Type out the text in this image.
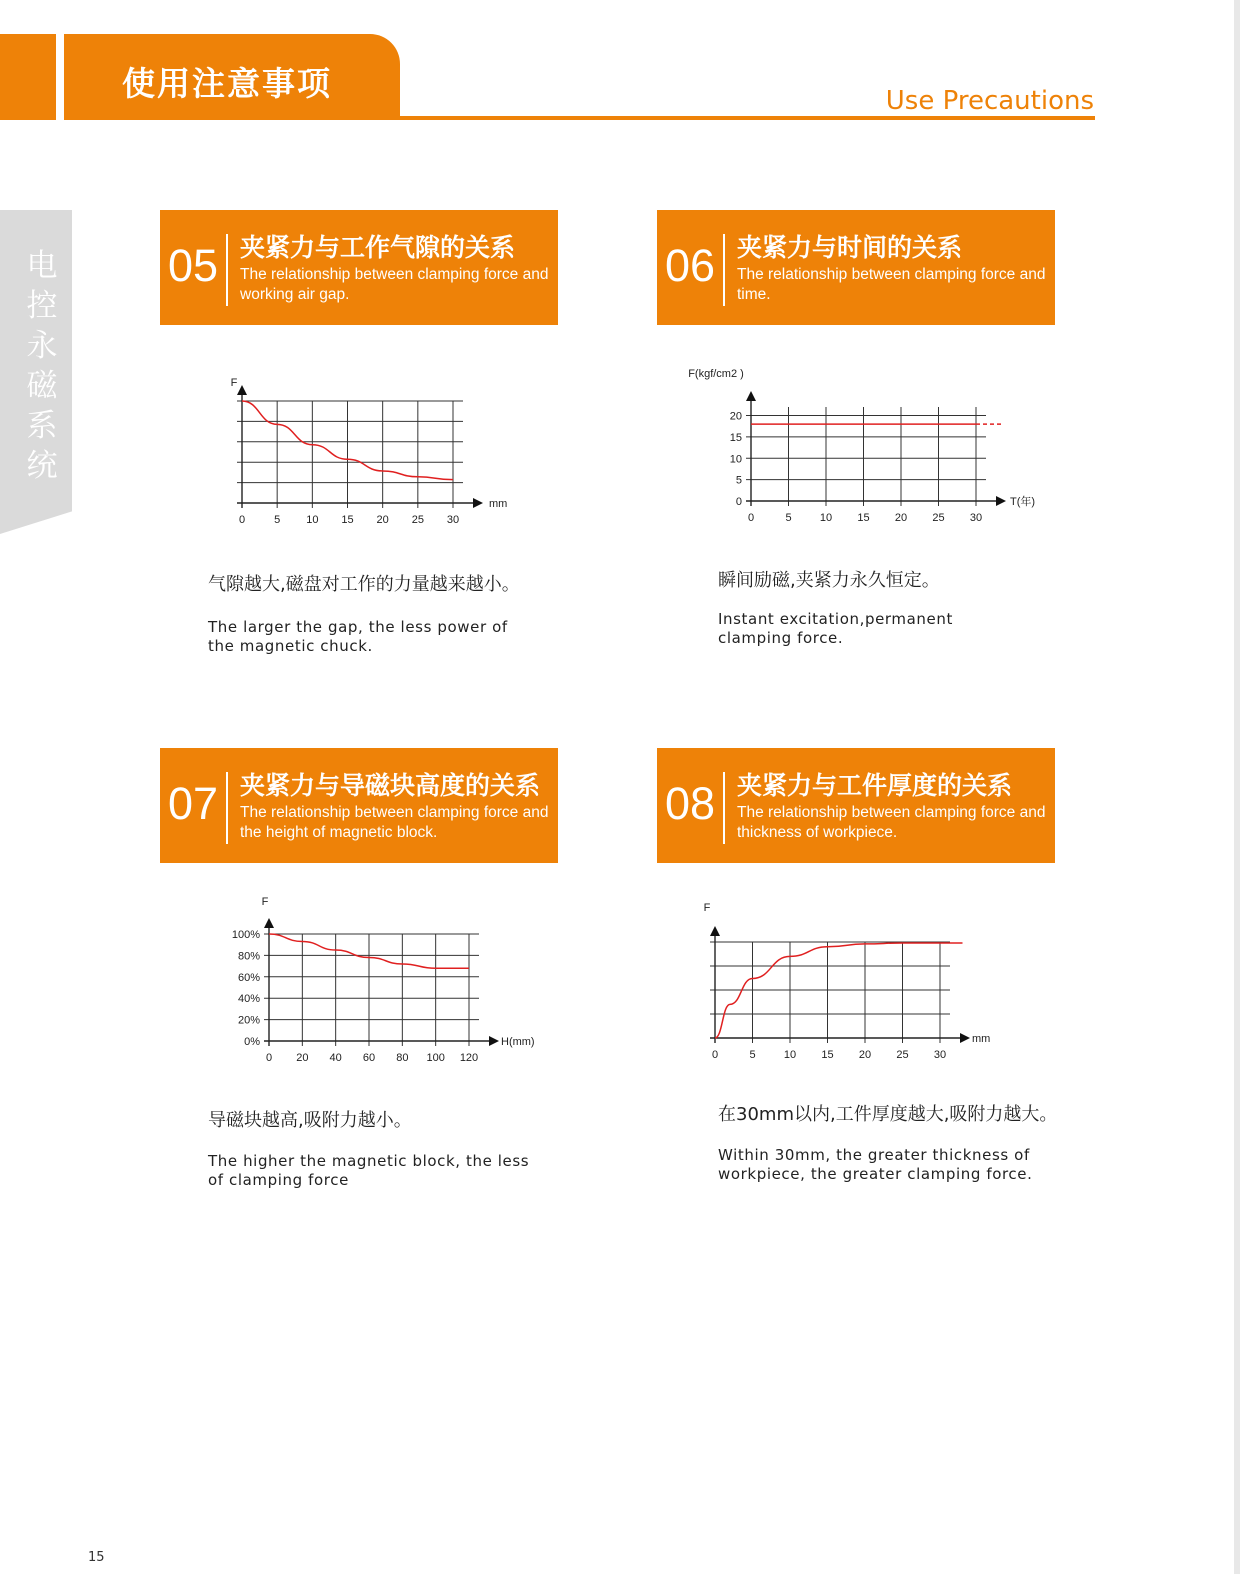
使用注意事项	Use Precautions
电
控
永
磁
系
统
05 夹紧力与工作气隙的关系
The relationship between clamping force and working air gap.
F
mm
0	5 10 15 20 25 30
气隙越大,磁盘对工作的力量越来越小。
The larger the gap, the less power of the magnetic chuck.
06 夹紧力与时间的关系
The relationship between clamping force and time.
F(kgf/cm2 )
T(年)
0	5	10 15 20 25 30
0
5
10
15
20
瞬间励磁,夹紧力永久恒定。
Instant excitation,permanent clamping force.
07 夹紧力与导磁块高度的关系
The relationship between clamping force and the height of magnetic block.
F
H(mm)
0 20 40 60 80 100 120
0%
20%
40%
60%
80%
100%
导磁块越高,吸附力越小。
The higher the magnetic block, the less of clamping force
08 夹紧力与工件厚度的关系
The relationship between clamping force and thickness of workpiece.
F
mm
0	5	10 15 20 25 30
在30mm以内,工件厚度越大,吸附力越大。
Within 30mm, the greater thickness of workpiece, the greater clamping force.
15
